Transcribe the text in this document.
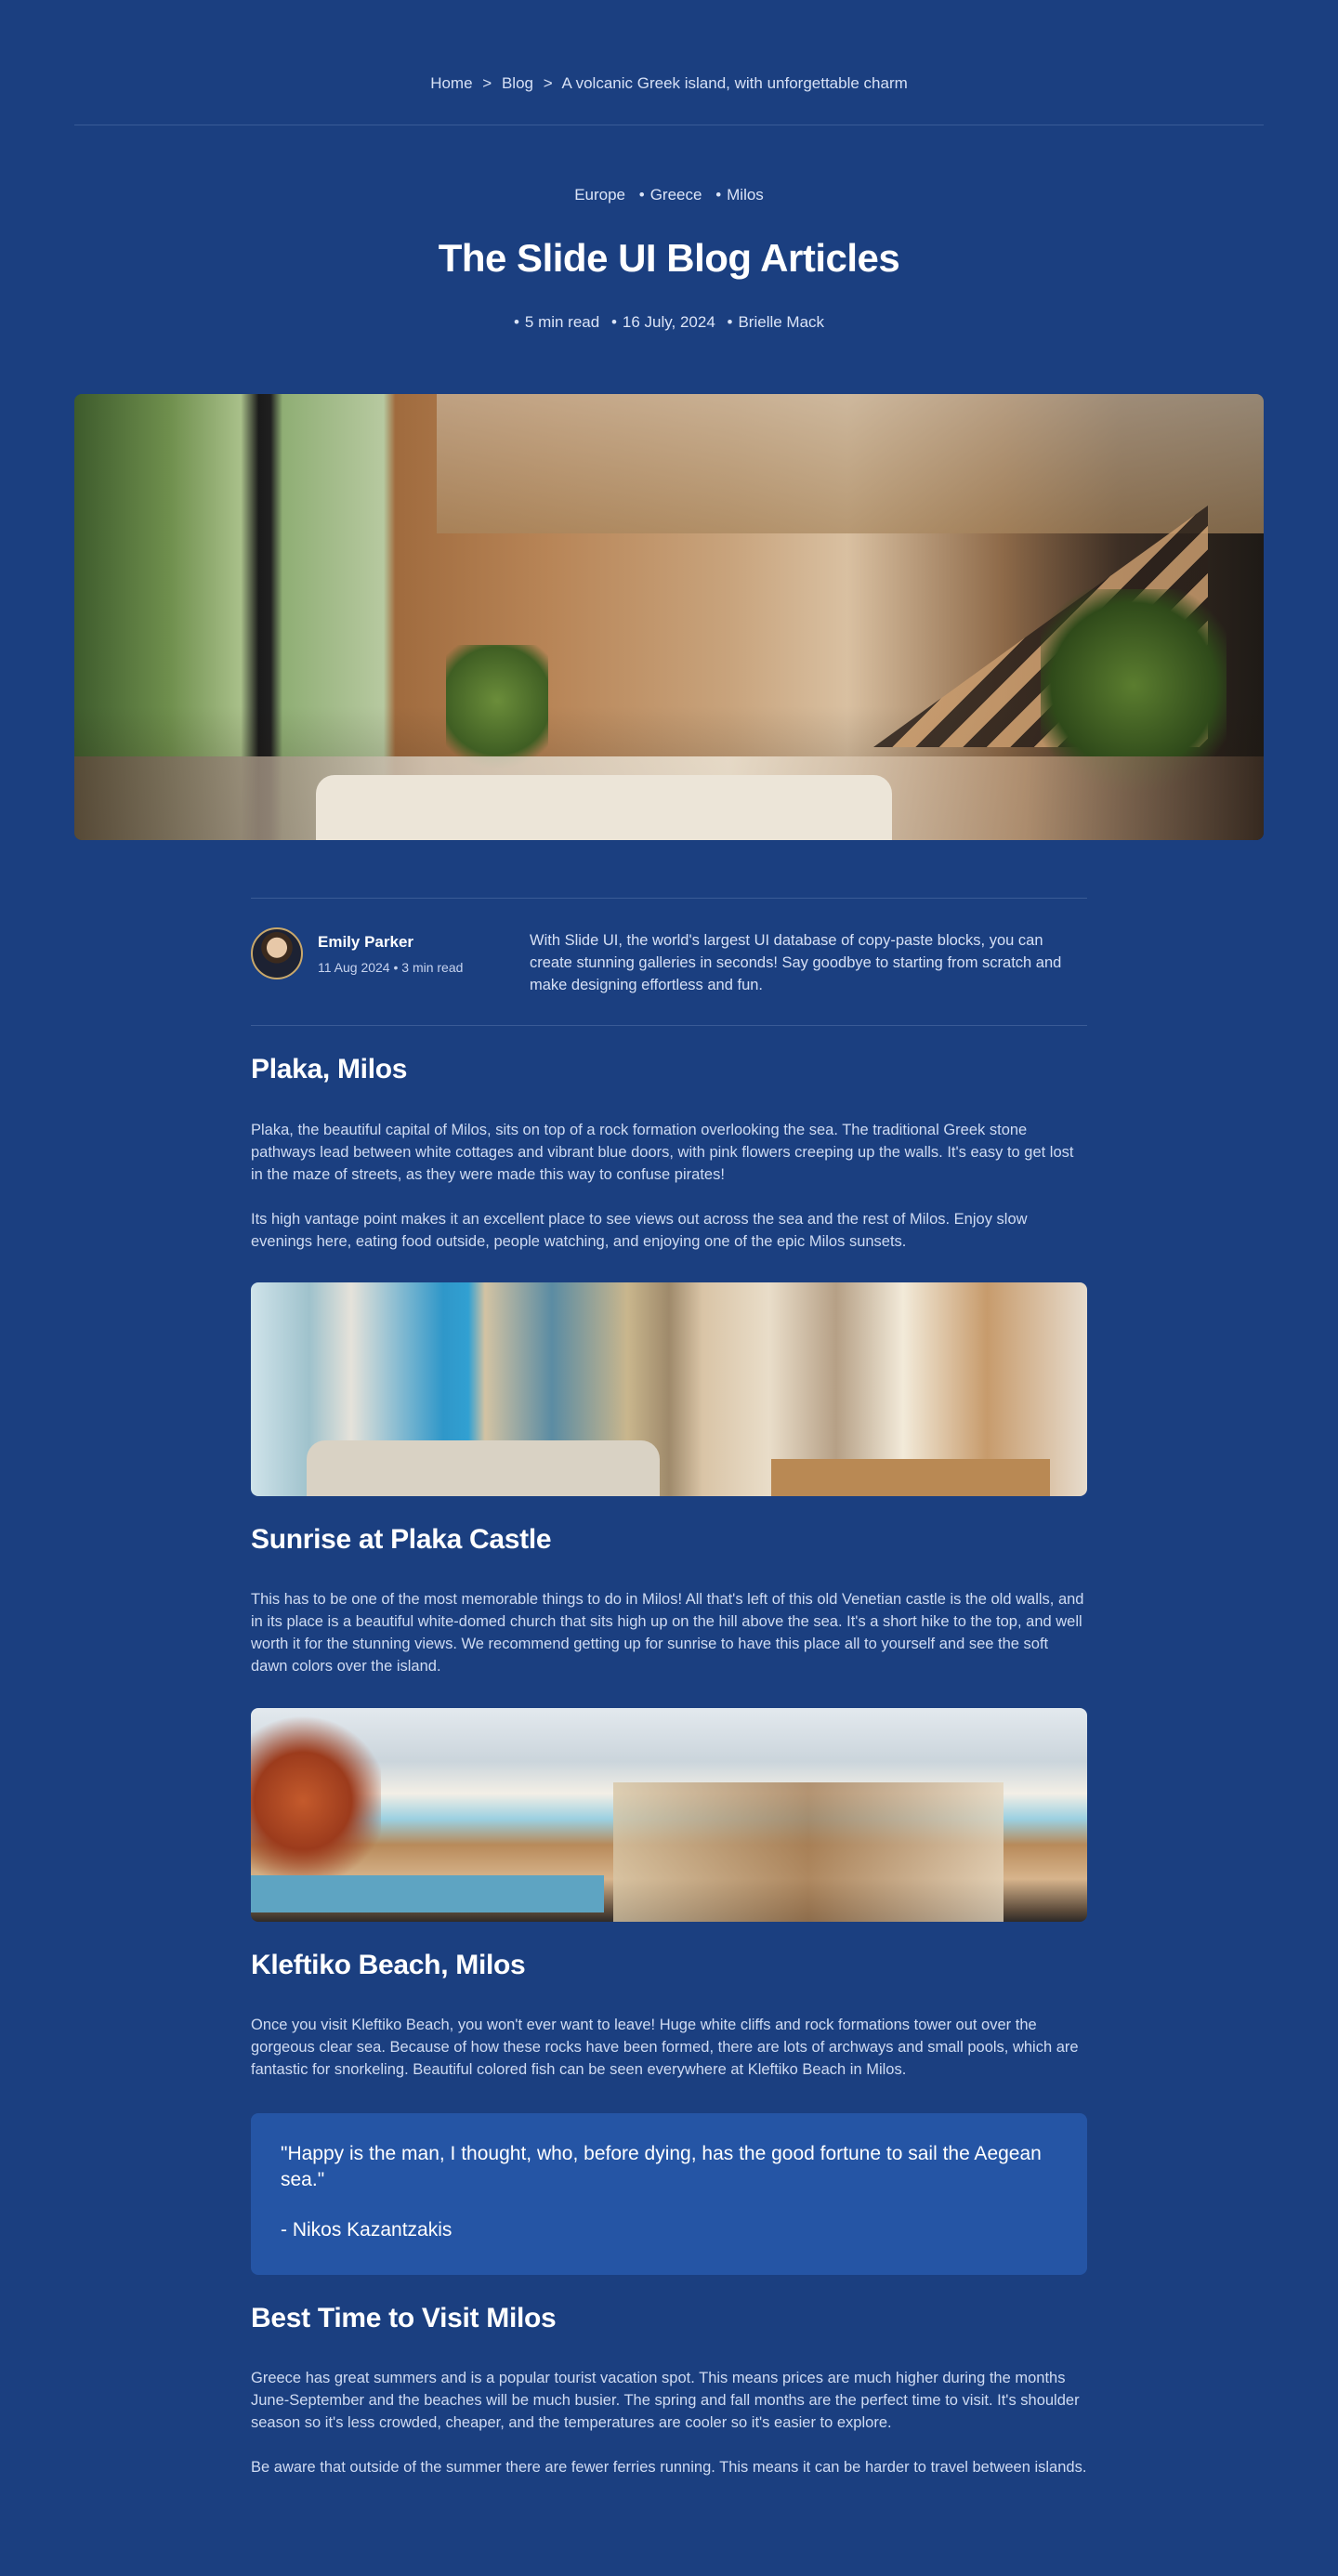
Home > Blog > A volcanic Greek island, with unforgettable charm
Europe • Greece • Milos
The Slide UI Blog Articles
• 5 min read • 16 July, 2024 • Brielle Mack
Emily Parker
11 Aug 2024 • 3 min read
With Slide UI, the world's largest UI database of copy-paste blocks, you can create stunning galleries in seconds! Say goodbye to starting from scratch and make designing effortless and fun.
Plaka, Milos

Plaka, the beautiful capital of Milos, sits on top of a rock formation overlooking the sea. The traditional Greek stone pathways lead between white cottages and vibrant blue doors, with pink flowers creeping up the walls. It's easy to get lost in the maze of streets, as they were made this way to confuse pirates!

Its high vantage point makes it an excellent place to see views out across the sea and the rest of Milos. Enjoy slow evenings here, eating food outside, people watching, and enjoying one of the epic Milos sunsets.

Sunrise at Plaka Castle

This has to be one of the most memorable things to do in Milos! All that's left of this old Venetian castle is the old walls, and in its place is a beautiful white-domed church that sits high up on the hill above the sea. It's a short hike to the top, and well worth it for the stunning views. We recommend getting up for sunrise to have this place all to yourself and see the soft dawn colors over the island.

Kleftiko Beach, Milos

Once you visit Kleftiko Beach, you won't ever want to leave! Huge white cliffs and rock formations tower out over the gorgeous clear sea. Because of how these rocks have been formed, there are lots of archways and small pools, which are fantastic for snorkeling. Beautiful colored fish can be seen everywhere at Kleftiko Beach in Milos.

"Happy is the man, I thought, who, before dying, has the good fortune to sail the Aegean sea."
- Nikos Kazantzakis
Best Time to Visit Milos

Greece has great summers and is a popular tourist vacation spot. This means prices are much higher during the months June-September and the beaches will be much busier. The spring and fall months are the perfect time to visit. It's shoulder season so it's less crowded, cheaper, and the temperatures are cooler so it's easier to explore.

Be aware that outside of the summer there are fewer ferries running. This means it can be harder to travel between islands.
